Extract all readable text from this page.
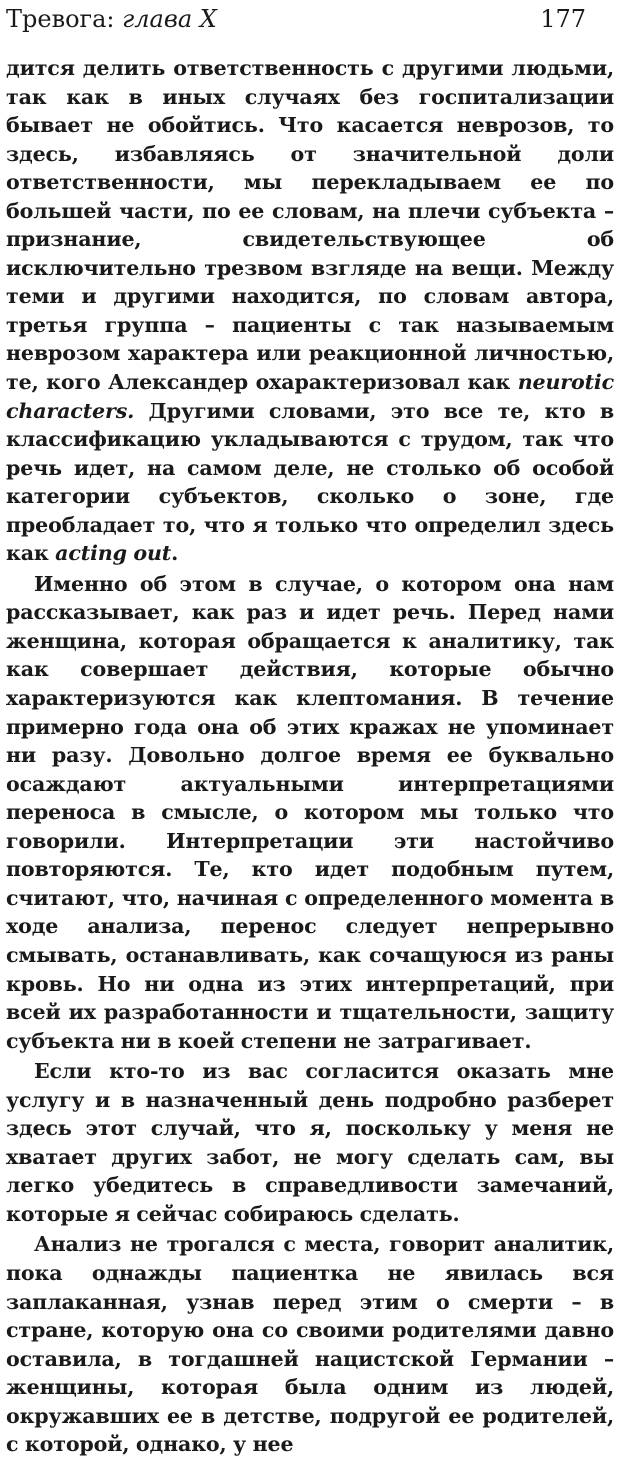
Тревога: глава X	177

дится делить ответственность с другими людьми, так как в иных случаях без госпитализации бывает не обойтись. Что касается неврозов, то здесь, избавляясь от значительной доли ответственности, мы перекладываем ее по большей части, по ее словам, на плечи субъекта – признание, свидетельствующее об исключительно трезвом взгляде на вещи. Между теми и другими находится, по словам автора, третья группа – пациенты с так называемым неврозом характера или реакционной личностью, те, кого Александер охарактеризовал как neurotic characters. Другими словами, это все те, кто в классификацию укладываются с трудом, так что речь идет, на самом деле, не столько об особой категории субъектов, сколько о зоне, где преобладает то, что я только что определил здесь как acting out.

Именно об этом в случае, о котором она нам рассказывает, как раз и идет речь. Перед нами женщина, которая обращается к аналитику, так как совершает действия, которые обычно характеризуются как клептомания. В течение примерно года она об этих кражах не упоминает ни разу. Довольно долгое время ее буквально осаждают актуальными интерпретациями переноса в смысле, о котором мы только что говорили. Интерпретации эти настойчиво повторяются. Те, кто идет подобным путем, считают, что, начиная с определенного момента в ходе анализа, перенос следует непрерывно смывать, останавливать, как сочащуюся из раны кровь. Но ни одна из этих интерпретаций, при всей их разработанности и тщательности, защиту субъекта ни в коей степени не затрагивает.

Если кто-то из вас согласится оказать мне услугу и в назначенный день подробно разберет здесь этот случай, что я, поскольку у меня не хватает других забот, не могу сделать сам, вы легко убедитесь в справедливости замечаний, которые я сейчас собираюсь сделать.

Анализ не трогался с места, говорит аналитик, пока однажды пациентка не явилась вся заплаканная, узнав перед этим о смерти – в стране, которую она со своими родителями давно оставила, в тогдашней нацистской Германии – женщины, которая была одним из людей, окружавших ее в детстве, подругой ее родителей, с которой, однако, у нее
